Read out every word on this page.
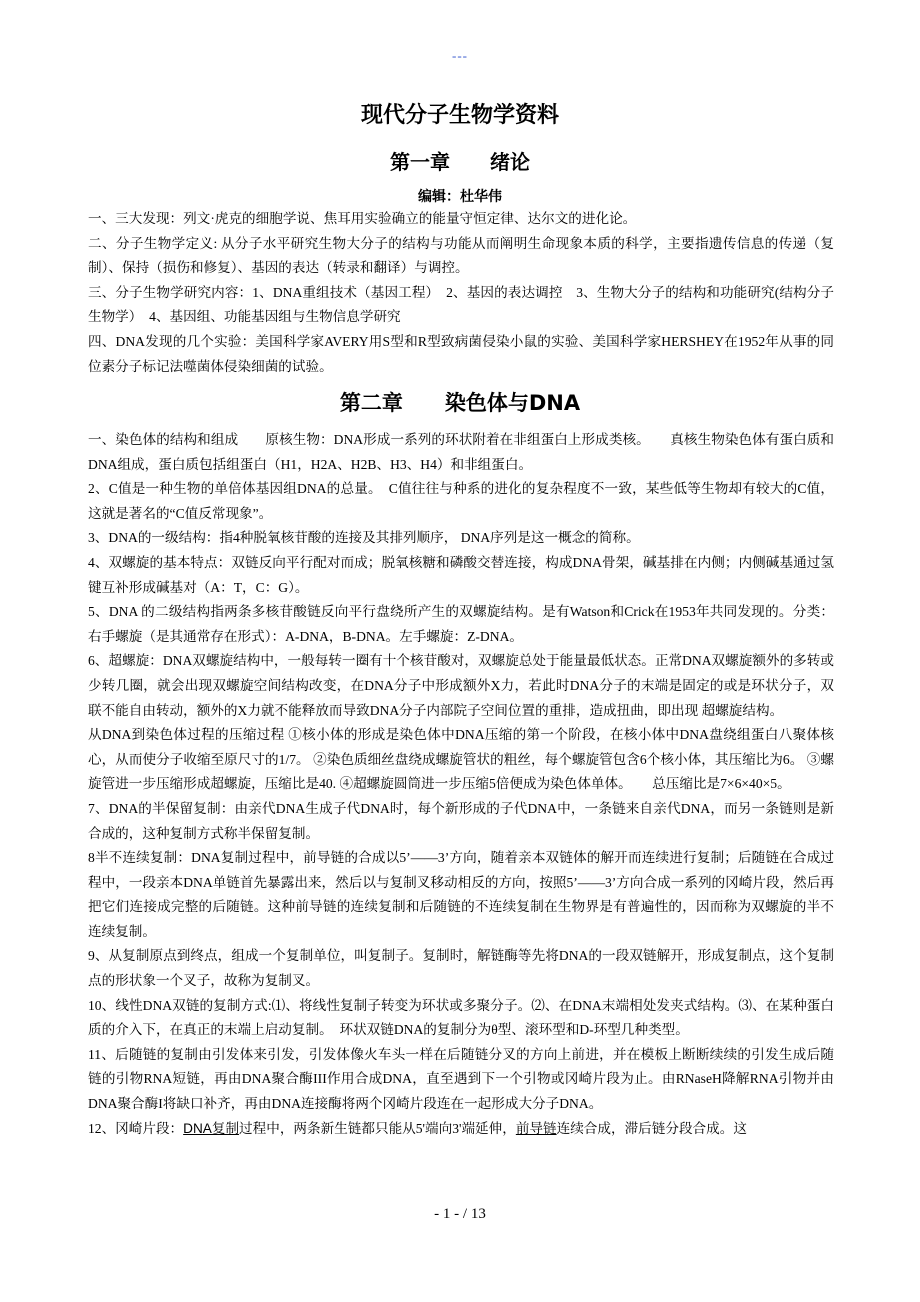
---
现代分子生物学资料
第一章　　绪论
编辑：杜华伟

一、三大发现：列文·虎克的细胞学说、焦耳用实验确立的能量守恒定律、达尔文的进化论。

二、分子生物学定义: 从分子水平研究生物大分子的结构与功能从而阐明生命现象本质的科学，主要指遗传信息的传递（复制）、保持（损伤和修复）、基因的表达（转录和翻译）与调控。

三、分子生物学研究内容：1、DNA重组技术（基因工程）　2、基因的表达调控　3、生物大分子的结构和功能研究(结构分子生物学）　4、基因组、功能基因组与生物信息学研究

四、DNA发现的几个实验：美国科学家AVERY用S型和R型致病菌侵染小鼠的实验、美国科学家HERSHEY在1952年从事的同位素分子标记法噬菌体侵染细菌的试验。

第二章　　染色体与DNA

一、染色体的结构和组成　　原核生物：DNA形成一系列的环状附着在非组蛋白上形成类核。　　真核生物染色体有蛋白质和DNA组成，蛋白质包括组蛋白（H1，H2A、H2B、H3、H4）和非组蛋白。

2、C值是一种生物的单倍体基因组DNA的总量。　C值往往与种系的进化的复杂程度不一致，某些低等生物却有较大的C值，这就是著名的“C值反常现象”。

3、DNA的一级结构：指4种脱氧核苷酸的连接及其排列顺序， DNA序列是这一概念的简称。

4、双螺旋的基本特点：双链反向平行配对而成；脱氧核糖和磷酸交替连接，构成DNA骨架，碱基排在内侧；内侧碱基通过氢键互补形成碱基对（A：T，C：G）。

5、DNA 的二级结构指两条多核苷酸链反向平行盘绕所产生的双螺旋结构。是有Watson和Crick在1953年共同发现的。分类：右手螺旋（是其通常存在形式）：A-DNA，B-DNA。左手螺旋：Z-DNA。

6、超螺旋：DNA双螺旋结构中，一般每转一圈有十个核苷酸对，双螺旋总处于能量最低状态。正常DNA双螺旋额外的多转或少转几圈，就会出现双螺旋空间结构改变，在DNA分子中形成额外X力，若此时DNA分子的末端是固定的或是环状分子，双联不能自由转动，额外的X力就不能释放而导致DNA分子内部院子空间位置的重排，造成扭曲，即出现 超螺旋结构。

从DNA到染色体过程的压缩过程 ①核小体的形成是染色体中DNA压缩的第一个阶段，在核小体中DNA盘绕组蛋白八聚体核心，从而使分子收缩至原尺寸的1/7。 ②染色质细丝盘绕成螺旋管状的粗丝，每个螺旋管包含6个核小体，其压缩比为6。 ③螺旋管进一步压缩形成超螺旋，压缩比是40. ④超螺旋圆筒进一步压缩5倍便成为染色体单体。　　总压缩比是7×6×40×5。

7、DNA的半保留复制：由亲代DNA生成子代DNA时，每个新形成的子代DNA中，一条链来自亲代DNA，而另一条链则是新合成的，这种复制方式称半保留复制。

8半不连续复制：DNA复制过程中，前导链的合成以5’——3’方向，随着亲本双链体的解开而连续进行复制；后随链在合成过程中，一段亲本DNA单链首先暴露出来，然后以与复制叉移动相反的方向，按照5’——3’方向合成一系列的冈崎片段，然后再把它们连接成完整的后随链。这种前导链的连续复制和后随链的不连续复制在生物界是有普遍性的，因而称为双螺旋的半不连续复制。

9、从复制原点到终点，组成一个复制单位，叫复制子。复制时，解链酶等先将DNA的一段双链解开，形成复制点，这个复制点的形状象一个叉子，故称为复制叉。

10、线性DNA双链的复制方式:⑴、将线性复制子转变为环状或多聚分子。⑵、在DNA末端相处发夹式结构。⑶、在某种蛋白质的介入下，在真正的末端上启动复制。　环状双链DNA的复制分为θ型、滚环型和D-环型几种类型。

11、后随链的复制由引发体来引发，引发体像火车头一样在后随链分叉的方向上前进，并在模板上断断续续的引发生成后随链的引物RNA短链，再由DNA聚合酶III作用合成DNA，直至遇到下一个引物或冈崎片段为止。由RNaseH降解RNA引物并由DNA聚合酶I将缺口补齐，再由DNA连接酶将两个冈崎片段连在一起形成大分子DNA。

12、冈崎片段：DNA复制过程中，两条新生链都只能从5'端向3'端延伸，前导链连续合成，滞后链分段合成。这

- 1 - / 13
